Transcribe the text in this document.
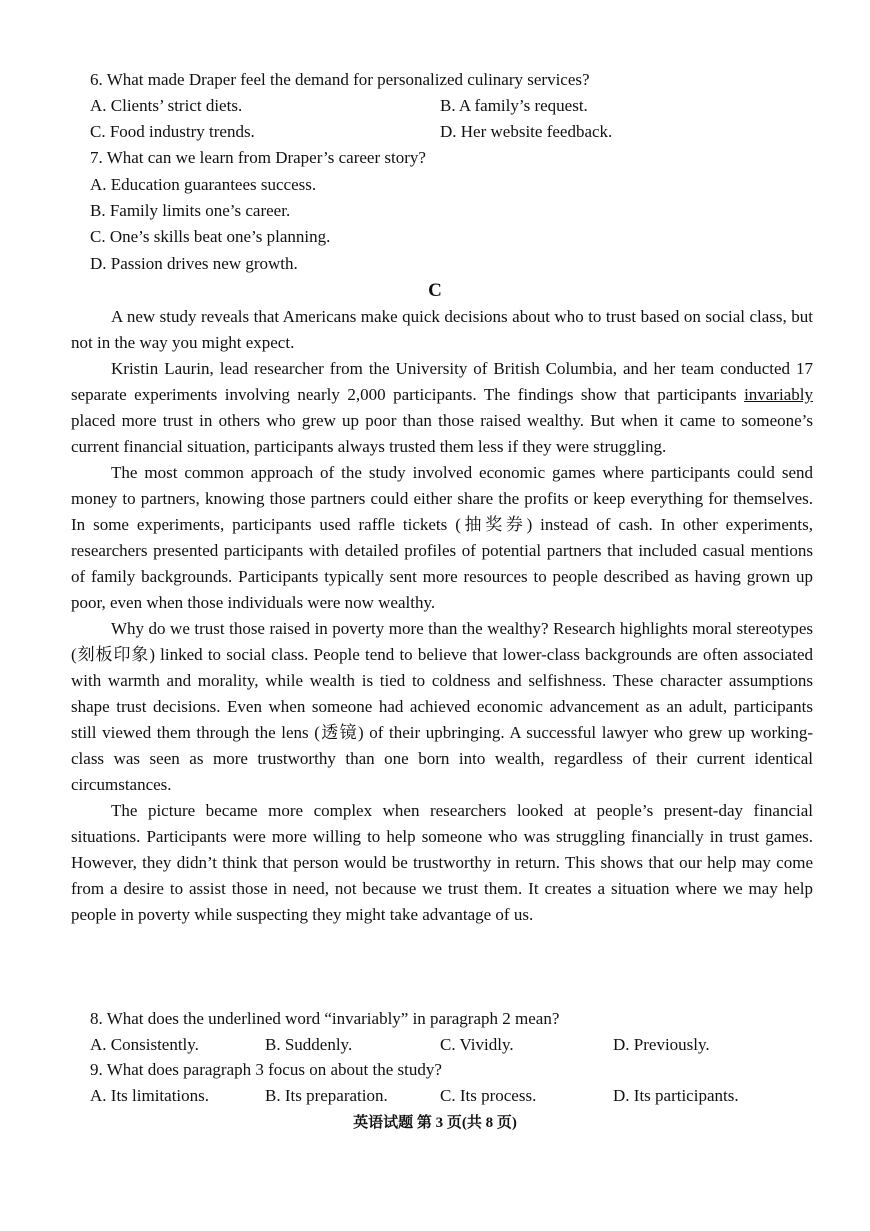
6. What made Draper feel the demand for personalized culinary services?
A. Clients’ strict diets.	B. A family’s request.
C. Food industry trends.	D. Her website feedback.
7. What can we learn from Draper’s career story?
A. Education guarantees success.
B. Family limits one’s career.
C. One’s skills beat one’s planning.
D. Passion drives new growth.
C

A new study reveals that Americans make quick decisions about who to trust based on social class, but not in the way you might expect.

Kristin Laurin, lead researcher from the University of British Columbia, and her team conducted 17 separate experiments involving nearly 2,000 participants. The findings show that participants invariably placed more trust in others who grew up poor than those raised wealthy. But when it came to someone’s current financial situation, participants always trusted them less if they were struggling.

The most common approach of the study involved economic games where participants could send money to partners, knowing those partners could either share the profits or keep everything for themselves. In some experiments, participants used raffle tickets (抽奖券) instead of cash. In other experiments, researchers presented participants with detailed profiles of potential partners that included casual mentions of family backgrounds. Participants typically sent more resources to people described as having grown up poor, even when those individuals were now wealthy.

Why do we trust those raised in poverty more than the wealthy? Research highlights moral stereotypes (刻板印象) linked to social class. People tend to believe that lower-class backgrounds are often associated with warmth and morality, while wealth is tied to coldness and selfishness. These character assumptions shape trust decisions. Even when someone had achieved economic advancement as an adult, participants still viewed them through the lens (透镜) of their upbringing. A successful lawyer who grew up working-class was seen as more trustworthy than one born into wealth, regardless of their current identical circumstances.

The picture became more complex when researchers looked at people’s present-day financial situations. Participants were more willing to help someone who was struggling financially in trust games. However, they didn’t think that person would be trustworthy in return. This shows that our help may come from a desire to assist those in need, not because we trust them. It creates a situation where we may help people in poverty while suspecting they might take advantage of us.

8. What does the underlined word “invariably” in paragraph 2 mean?
A. Consistently.	B. Suddenly.	C. Vividly.	D. Previously.
9. What does paragraph 3 focus on about the study?
A. Its limitations.	B. Its preparation.	C. Its process.	D. Its participants.
英语试题 第 3 页(共 8 页)
